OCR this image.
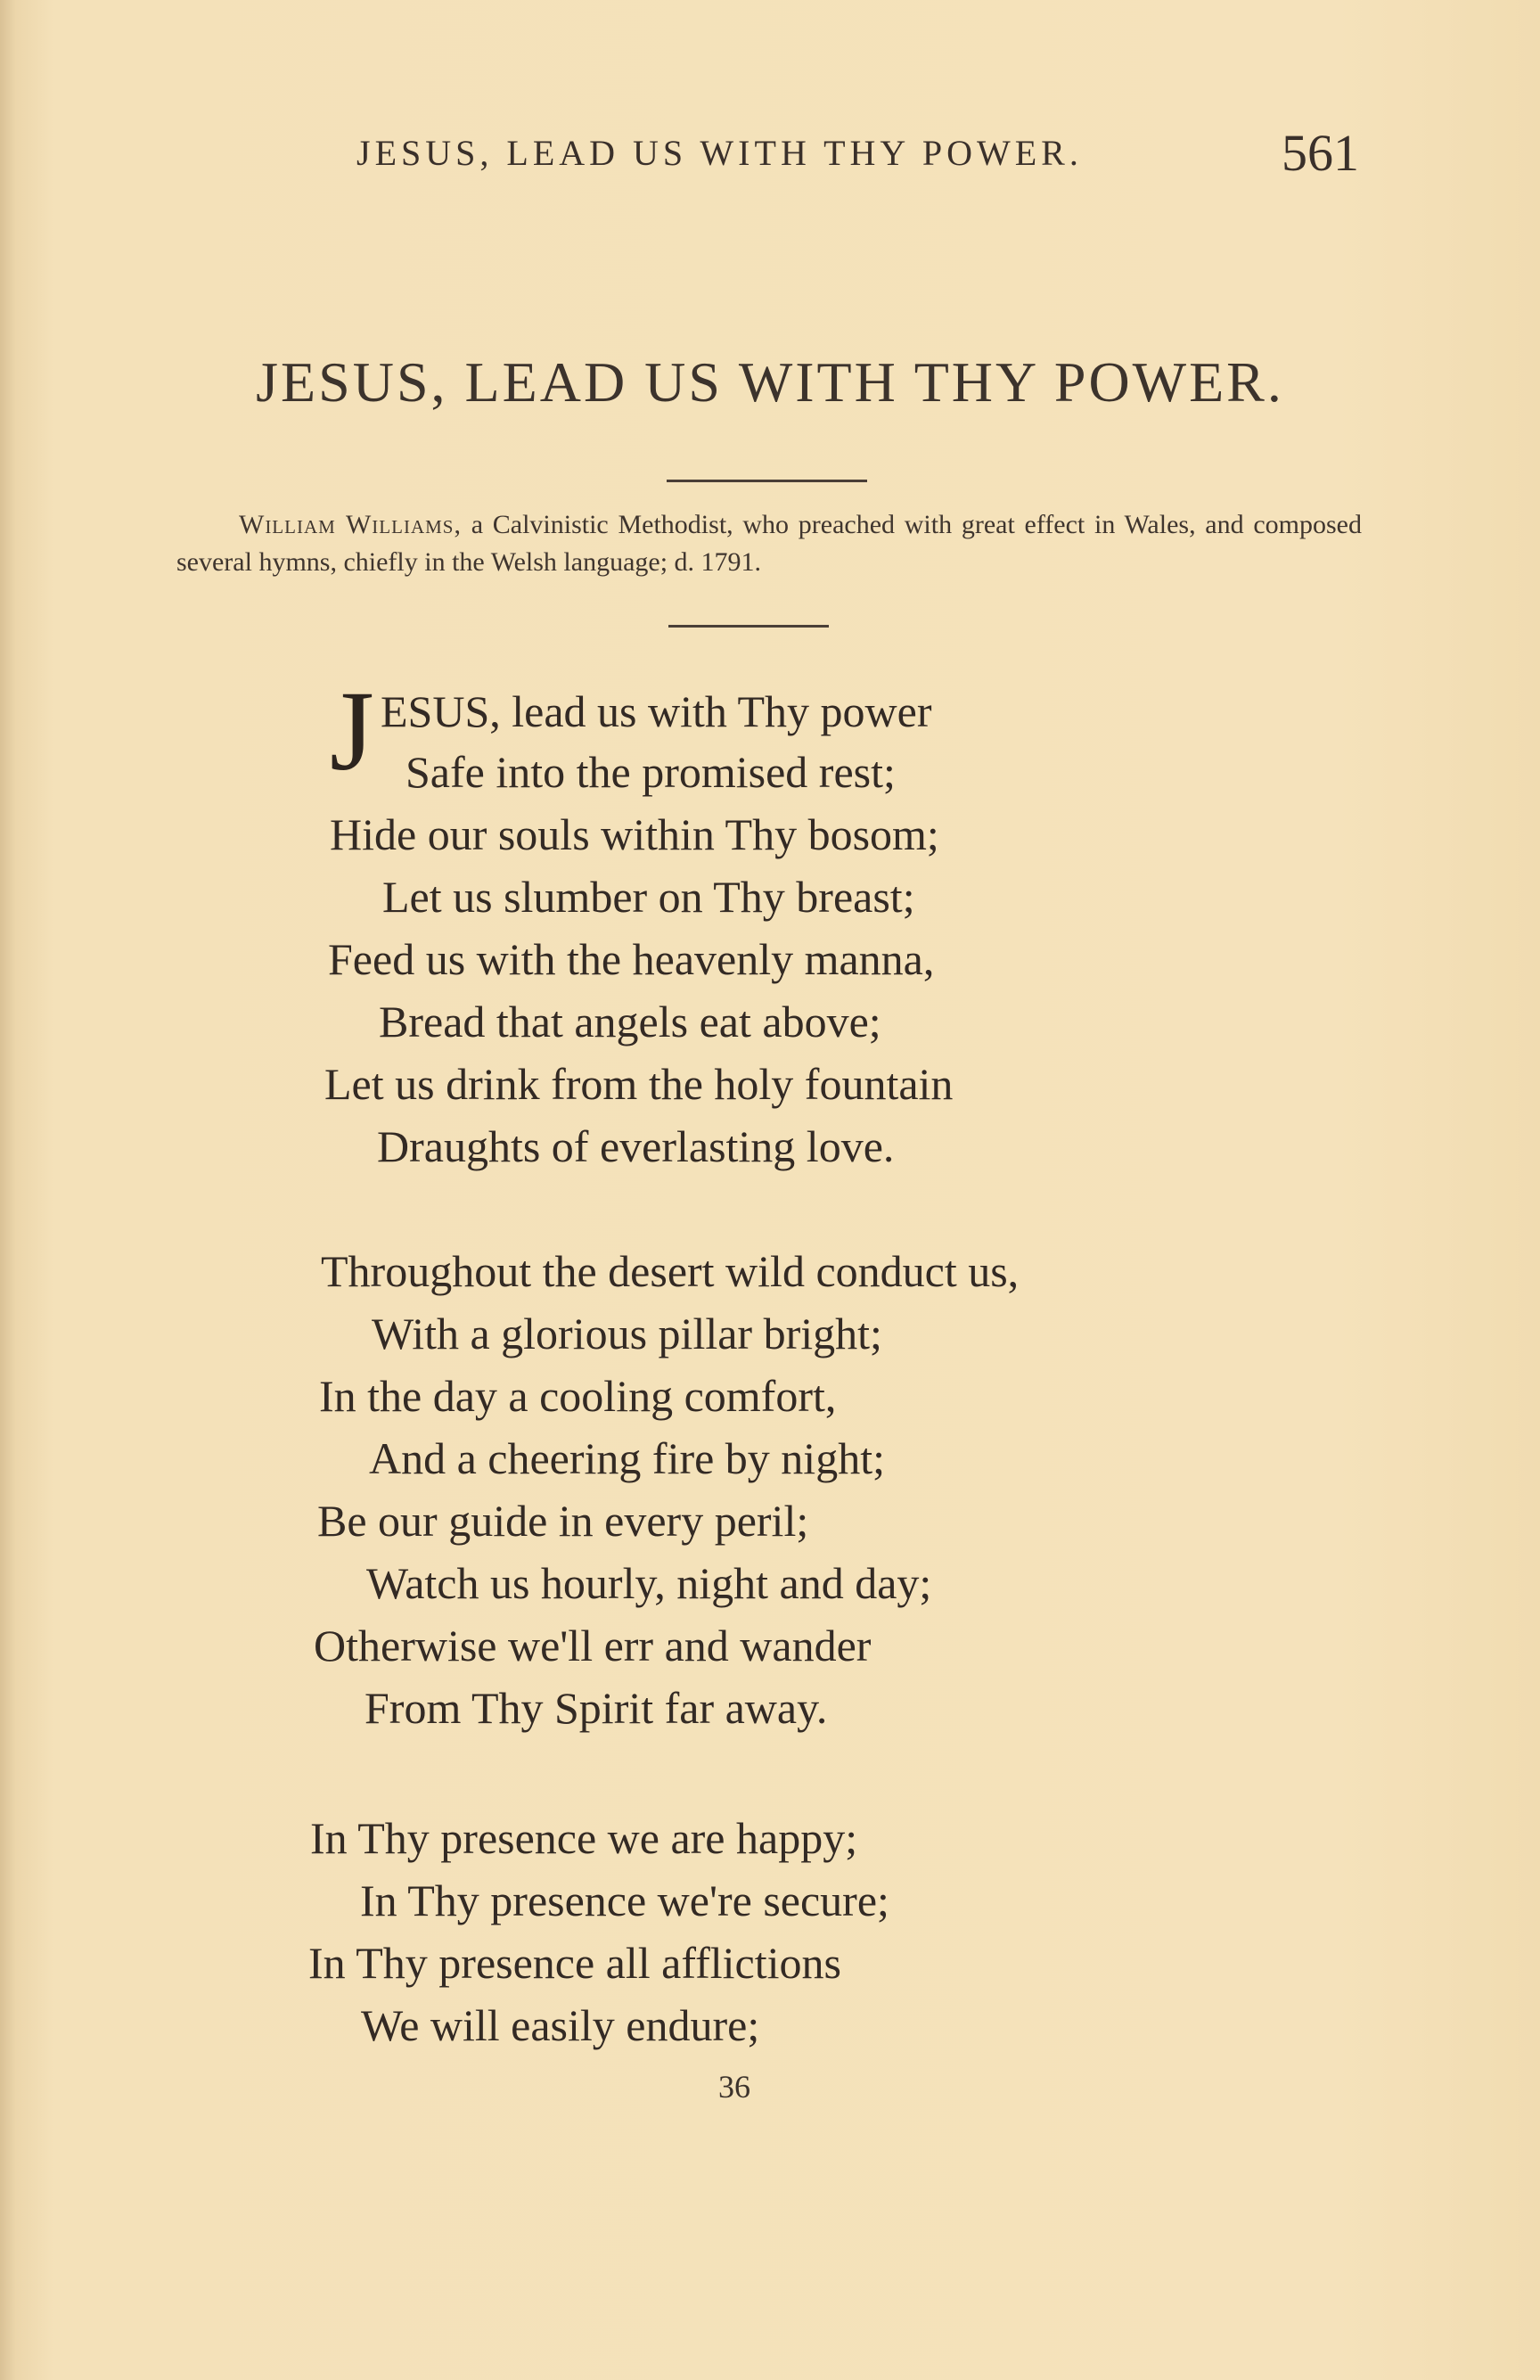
JESUS, LEAD US WITH THY POWER.	561
JESUS, LEAD US WITH THY POWER.
William Williams, a Calvinistic Methodist, who preached with great effect in Wales, and composed several hymns, chiefly in the Welsh language; d. 1791.
J ESUS, lead us with Thy power
Safe into the promised rest;
Hide our souls within Thy bosom;
Let us slumber on Thy breast;
Feed us with the heavenly manna,
Bread that angels eat above;
Let us drink from the holy fountain
Draughts of everlasting love.
Throughout the desert wild conduct us,
With a glorious pillar bright;
In the day a cooling comfort,
And a cheering fire by night;
Be our guide in every peril;
Watch us hourly, night and day;
Otherwise we'll err and wander
From Thy Spirit far away.
In Thy presence we are happy;
In Thy presence we're secure;
In Thy presence all afflictions
We will easily endure;
36
